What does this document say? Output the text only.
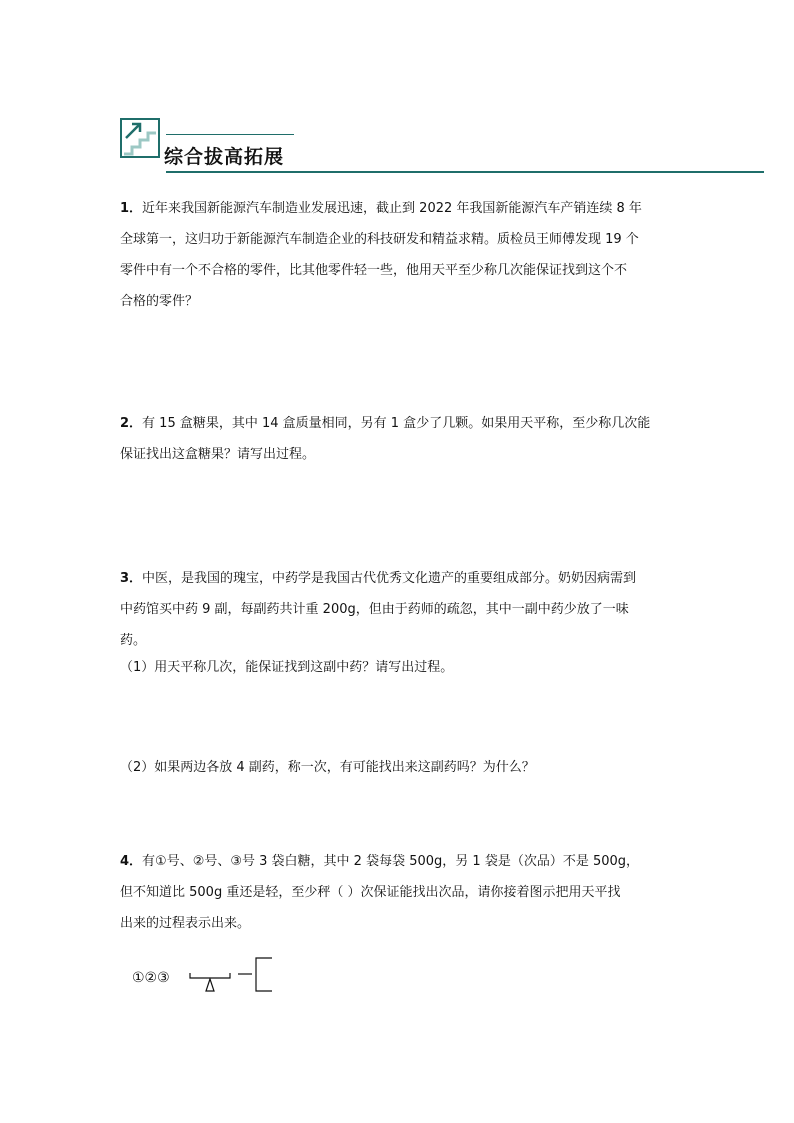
综合拔高拓展

1．近年来我国新能源汽车制造业发展迅速，截止到 2022 年我国新能源汽车产销连续 8 年

全球第一，这归功于新能源汽车制造企业的科技研发和精益求精。质检员王师傅发现 19 个

零件中有一个不合格的零件，比其他零件轻一些，他用天平至少称几次能保证找到这个不

合格的零件？

2．有 15 盒糖果，其中 14 盒质量相同，另有 1 盒少了几颗。如果用天平称，至少称几次能

保证找出这盒糖果？请写出过程。

3．中医，是我国的瑰宝，中药学是我国古代优秀文化遗产的重要组成部分。奶奶因病需到

中药馆买中药 9 副，每副药共计重 200g，但由于药师的疏忽，其中一副中药少放了一味

药。

（1）用天平称几次，能保证找到这副中药？请写出过程。

（2）如果两边各放 4 副药，称一次，有可能找出来这副药吗？为什么？

4．有①号、②号、③号 3 袋白糖，其中 2 袋每袋 500g，另 1 袋是（次品）不是 500g，

但不知道比 500g 重还是轻，至少秤（ ）次保证能找出次品，请你接着图示把用天平找

出来的过程表示出来。

①②③
